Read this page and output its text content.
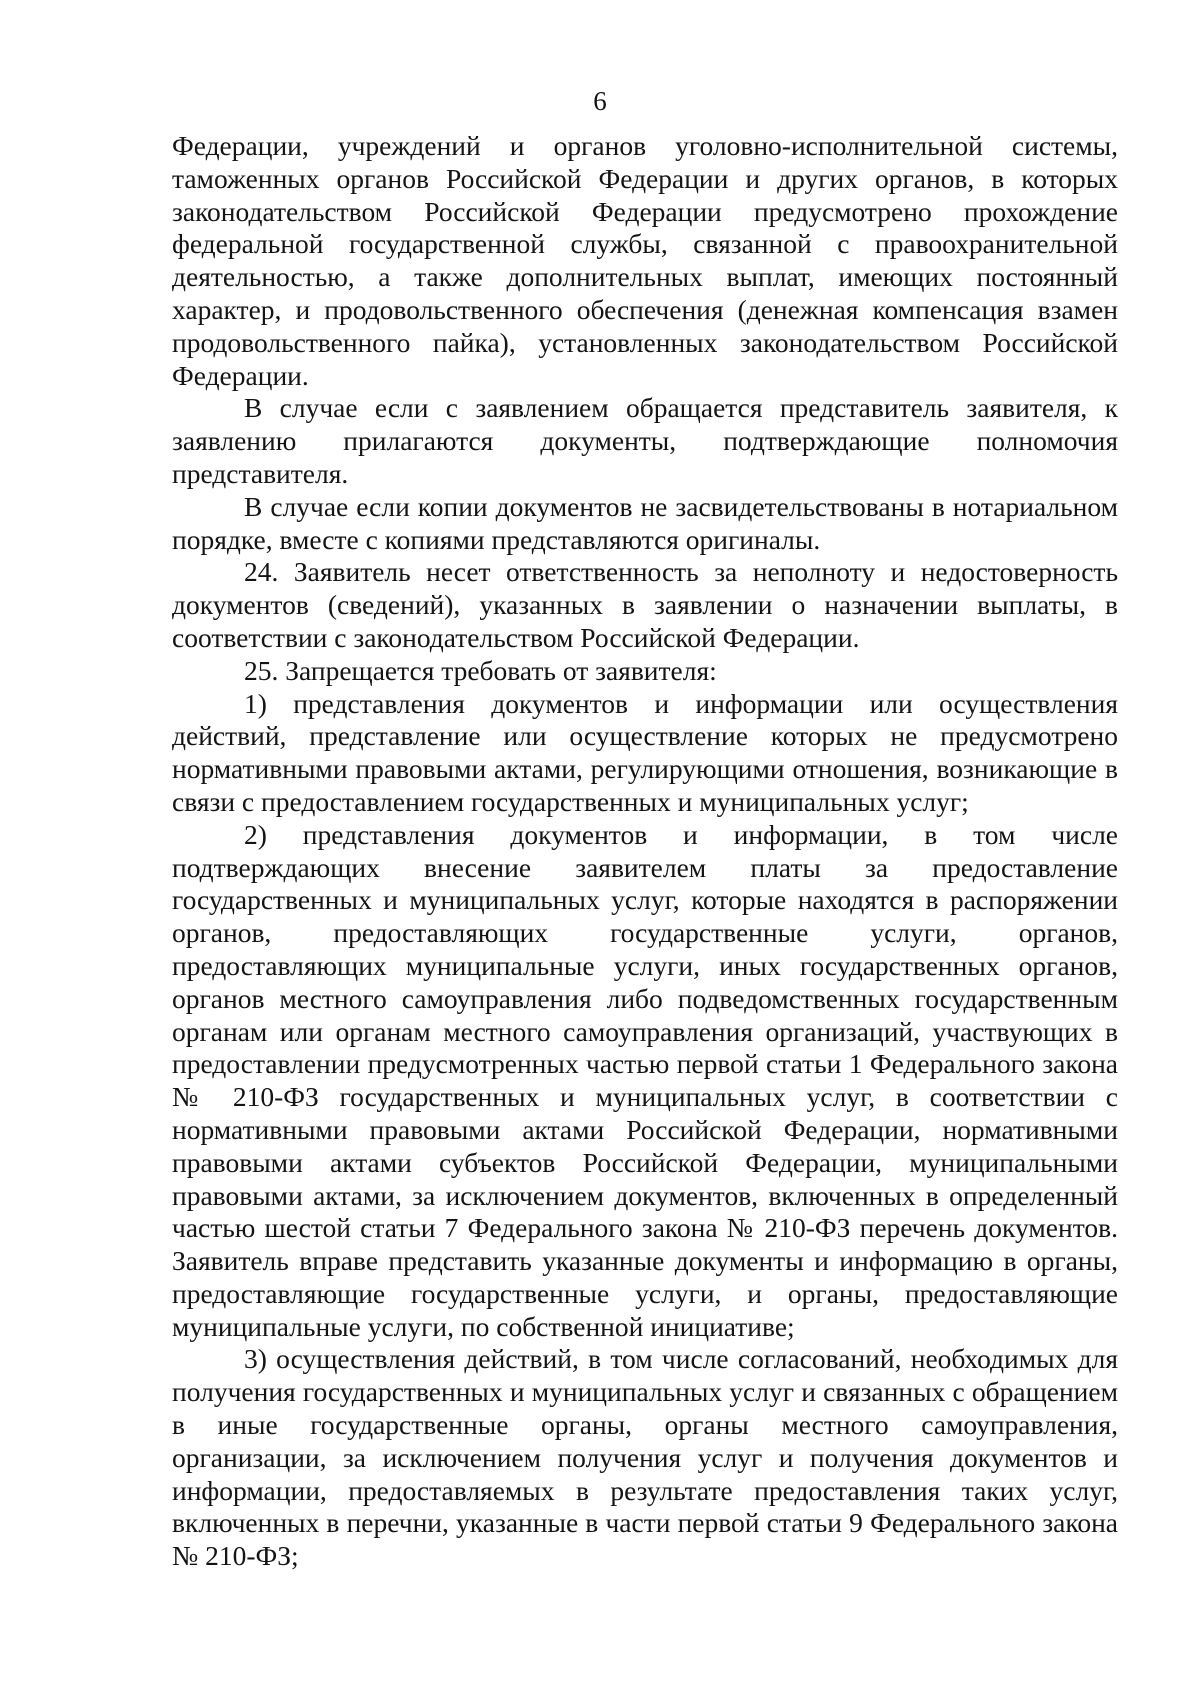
6

Федерации, учреждений и органов уголовно-исполнительной системы, таможенных органов Российской Федерации и других органов, в которых законодательством Российской Федерации предусмотрено прохождение федеральной государственной службы, связанной с правоохранительной деятельностью, а также дополнительных выплат, имеющих постоянный характер, и продовольственного обеспечения (денежная компенсация взамен продовольственного пайка), установленных законодательством Российской Федерации.

В случае если с заявлением обращается представитель заявителя, к заявлению прилагаются документы, подтверждающие полномочия представителя.

В случае если копии документов не засвидетельствованы в нотариальном порядке, вместе с копиями представляются оригиналы.

24. Заявитель несет ответственность за неполноту и недостоверность документов (сведений), указанных в заявлении о назначении выплаты, в соответствии с законодательством Российской Федерации.

25. Запрещается требовать от заявителя:

1) представления документов и информации или осуществления действий, представление или осуществление которых не предусмотрено нормативными правовыми актами, регулирующими отношения, возникающие в связи с предоставлением государственных и муниципальных услуг;

2) представления документов и информации, в том числе подтверждающих внесение заявителем платы за предоставление государственных и муниципальных услуг, которые находятся в распоряжении органов, предоставляющих государственные услуги, органов, предоставляющих муниципальные услуги, иных государственных органов, органов местного самоуправления либо подведомственных государственным органам или органам местного самоуправления организаций, участвующих в предоставлении предусмотренных частью первой статьи 1 Федерального закона № 210-ФЗ государственных и муниципальных услуг, в соответствии с нормативными правовыми актами Российской Федерации, нормативными правовыми актами субъектов Российской Федерации, муниципальными правовыми актами, за исключением документов, включенных в определенный частью шестой статьи 7 Федерального закона № 210-ФЗ перечень документов. Заявитель вправе представить указанные документы и информацию в органы, предоставляющие государственные услуги, и органы, предоставляющие муниципальные услуги, по собственной инициативе;

3) осуществления действий, в том числе согласований, необходимых для получения государственных и муниципальных услуг и связанных с обращением в иные государственные органы, органы местного самоуправления, организации, за исключением получения услуг и получения документов и информации, предоставляемых в результате предоставления таких услуг, включенных в перечни, указанные в части первой статьи 9 Федерального закона № 210-ФЗ;
